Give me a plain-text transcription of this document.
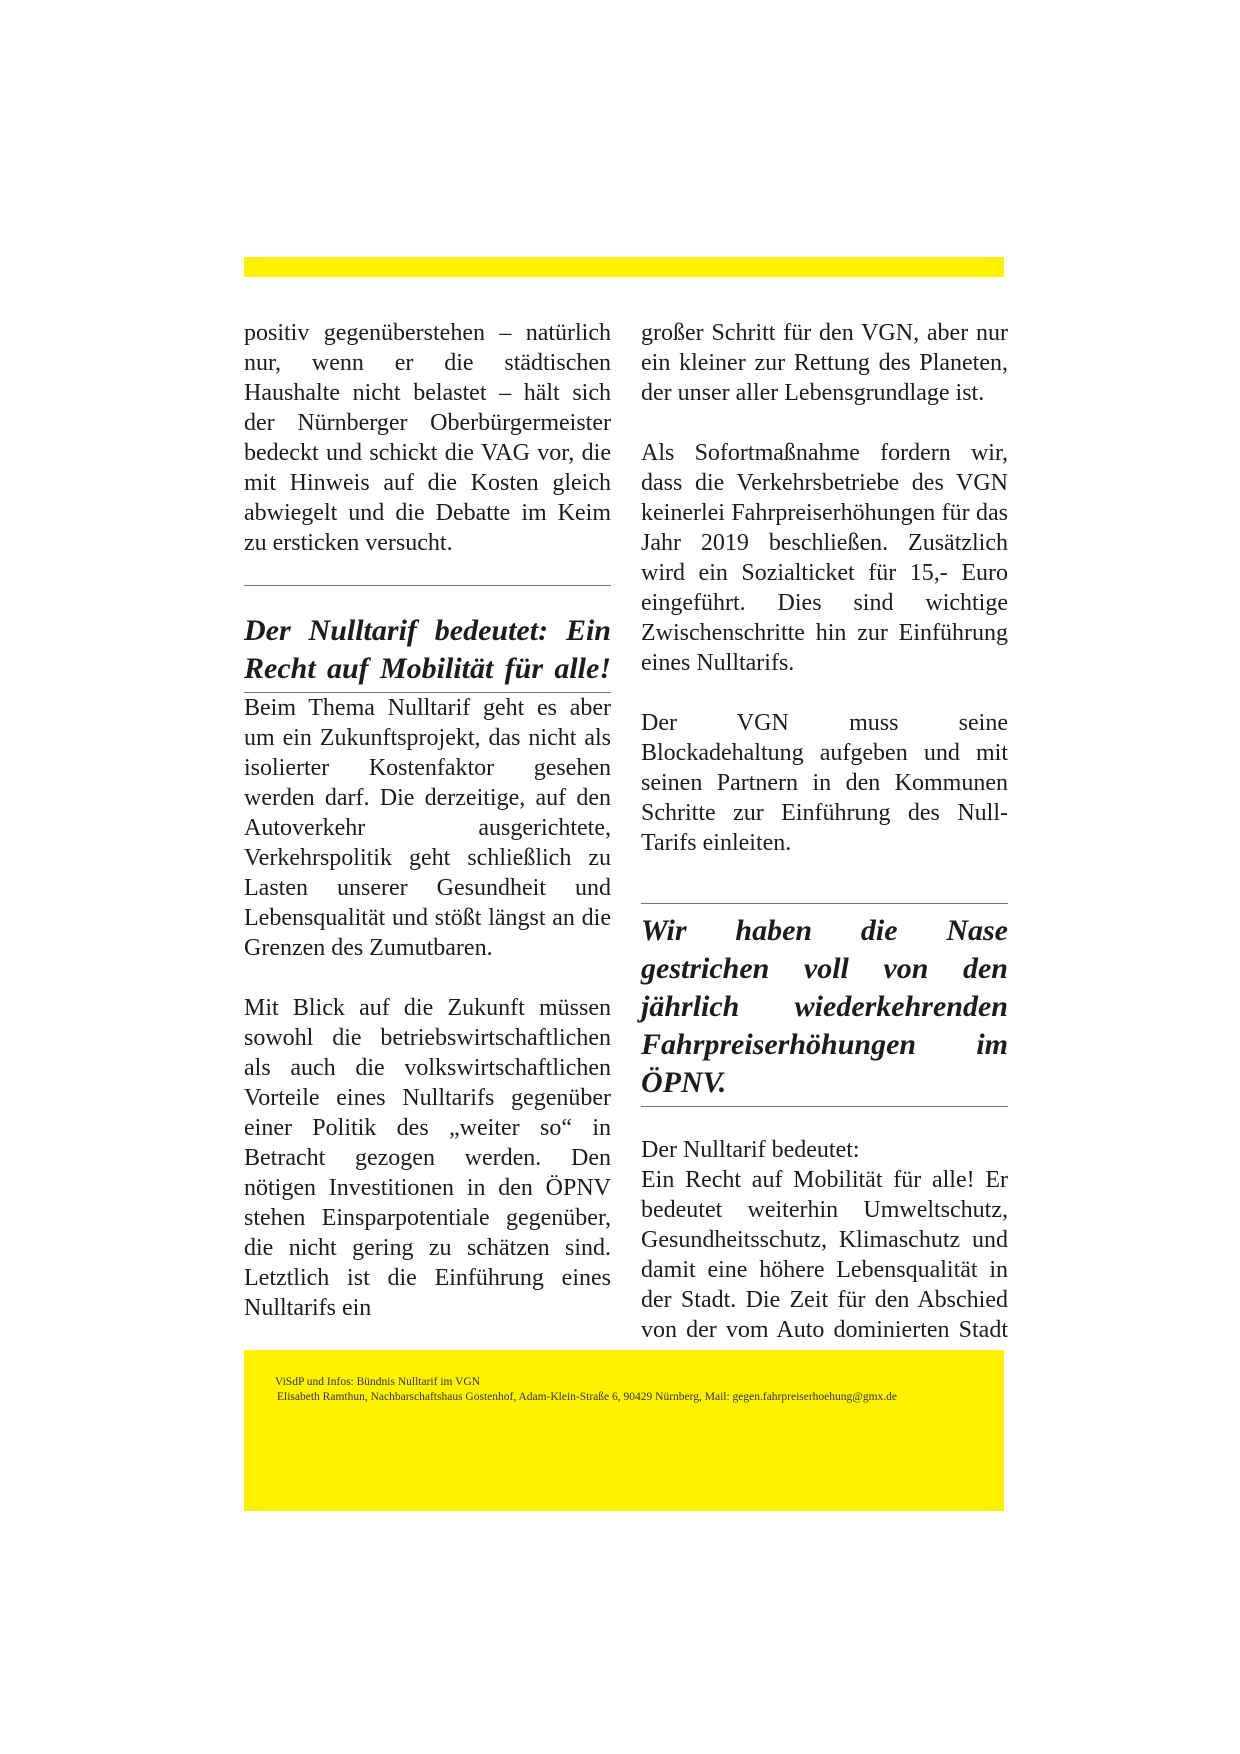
positiv gegenüberstehen – natürlich nur, wenn er die städtischen Haushalte nicht belastet – hält sich der Nürnberger Oberbürgermeister bedeckt und schickt die VAG vor, die mit Hinweis auf die Kosten gleich abwiegelt und die Debatte im Keim zu ersticken versucht.

Der Nulltarif bedeutet: Ein Recht auf Mobilität für alle!

Beim Thema Nulltarif geht es aber um ein Zukunftsprojekt, das nicht als isolierter Kostenfaktor gesehen werden darf. Die derzeitige, auf den Autoverkehr ausgerichtete, Verkehrspolitik geht schließlich zu Lasten unserer Gesundheit und Lebensqualität und stößt längst an die Grenzen des Zumutbaren.

Mit Blick auf die Zukunft müssen sowohl die betriebswirtschaftlichen als auch die volkswirtschaftlichen Vorteile eines Nulltarifs gegenüber einer Politik des „weiter so“ in Betracht gezogen werden. Den nötigen Investitionen in den ÖPNV stehen Einsparpotentiale gegenüber, die nicht gering zu schätzen sind. Letztlich ist die Einführung eines Nulltarifs ein

großer Schritt für den VGN, aber nur ein kleiner zur Rettung des Planeten, der unser aller Lebensgrundlage ist.

Als Sofortmaßnahme fordern wir, dass die Verkehrsbetriebe des VGN keinerlei Fahrpreiserhöhungen für das Jahr 2019 beschließen. Zusätzlich wird ein Sozialticket für 15,- Euro eingeführt. Dies sind wichtige Zwischenschritte hin zur Einführung eines Nulltarifs.

Der VGN muss seine Blockadehaltung aufgeben und mit seinen Partnern in den Kommunen Schritte zur Einführung des Null-Tarifs einleiten.

Wir haben die Nase gestrichen voll von den jährlich wiederkehrenden Fahrpreiserhöhungen im ÖPNV.
Der Nulltarif bedeutet:

Ein Recht auf Mobilität für alle! Er bedeutet weiterhin Umweltschutz, Gesundheitsschutz, Klimaschutz und damit eine höhere Lebensqualität in der Stadt. Die Zeit für den Abschied von der vom Auto dominierten Stadt

ViSdP und Infos: Bündnis Nulltarif im VGN
Elisabeth Ramthun, Nachbarschaftshaus Gostenhof, Adam-Klein-Straße 6, 90429 Nürnberg, Mail: gegen.fahrpreiserhoehung@gmx.de
